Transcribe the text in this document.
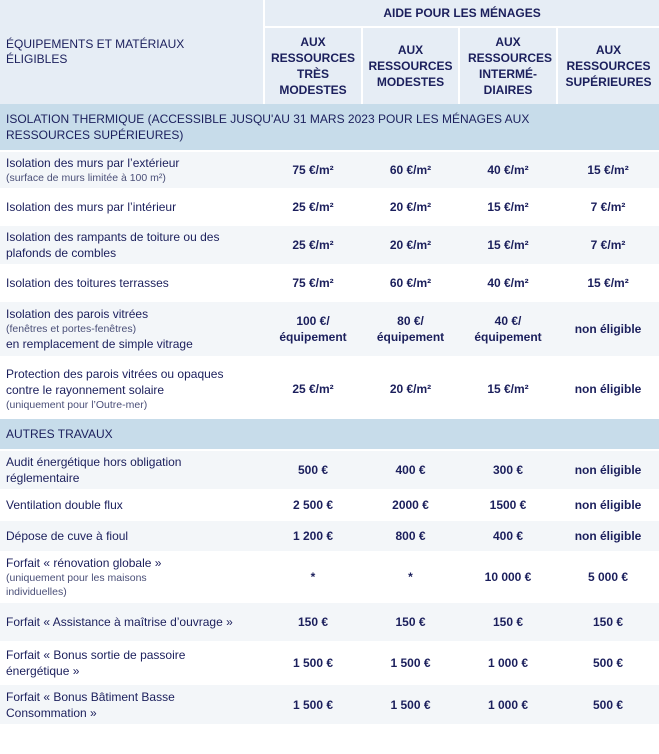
ÉQUIPEMENTS ET MATÉRIAUX ÉLIGIBLES	AIDE POUR LES MÉNAGES			
	AUX RESSOURCES TRÈS MODESTES	AUX RESSOURCES MODESTES	AUX RESSOURCES INTERMÉ-DIAIRES	AUX RESSOURCES SUPÉRIEURES

ISOLATION THERMIQUE (ACCESSIBLE JUSQU'AU 31 MARS 2023 POUR LES MÉNAGES AUX RESSOURCES SUPÉRIEURES)				

Isolation des murs par l’extérieur
(surface de murs limitée à 100 m²)	75 €/m²	60 €/m²	40 €/m²	15 €/m²

Isolation des murs par l’intérieur	25 €/m²	20 €/m²	15 €/m²	7 €/m²

Isolation des rampants de toiture ou des plafonds de combles	25 €/m²	20 €/m²	15 €/m²	7 €/m²

Isolation des toitures terrasses	75 €/m²	60 €/m²	40 €/m²	15 €/m²

Isolation des parois vitrées
(fenêtres et portes-fenêtres)
en remplacement de simple vitrage	100 €/ équipement	80 €/ équipement	40 €/ équipement	non éligible

Protection des parois vitrées ou opaques contre le rayonnement solaire
(uniquement pour l’Outre-mer)	25 €/m²	20 €/m²	15 €/m²	non éligible

AUTRES TRAVAUX				

Audit énergétique hors obligation réglementaire	500 €	400 €	300 €	non éligible

Ventilation double flux	2 500 €	2000 €	1500 €	non éligible

Dépose de cuve à fioul	1 200 €	800 €	400 €	non éligible

Forfait « rénovation globale »
(uniquement pour les maisons individuelles)	*	*	10 000 €	5 000 €

Forfait « Assistance à maîtrise d’ouvrage »	150 €	150 €	150 €	150 €

Forfait « Bonus sortie de passoire énergétique »	1 500 €	1 500 €	1 000 €	500 €

Forfait « Bonus Bâtiment Basse Consommation »	1 500 €	1 500 €	1 000 €	500 €
